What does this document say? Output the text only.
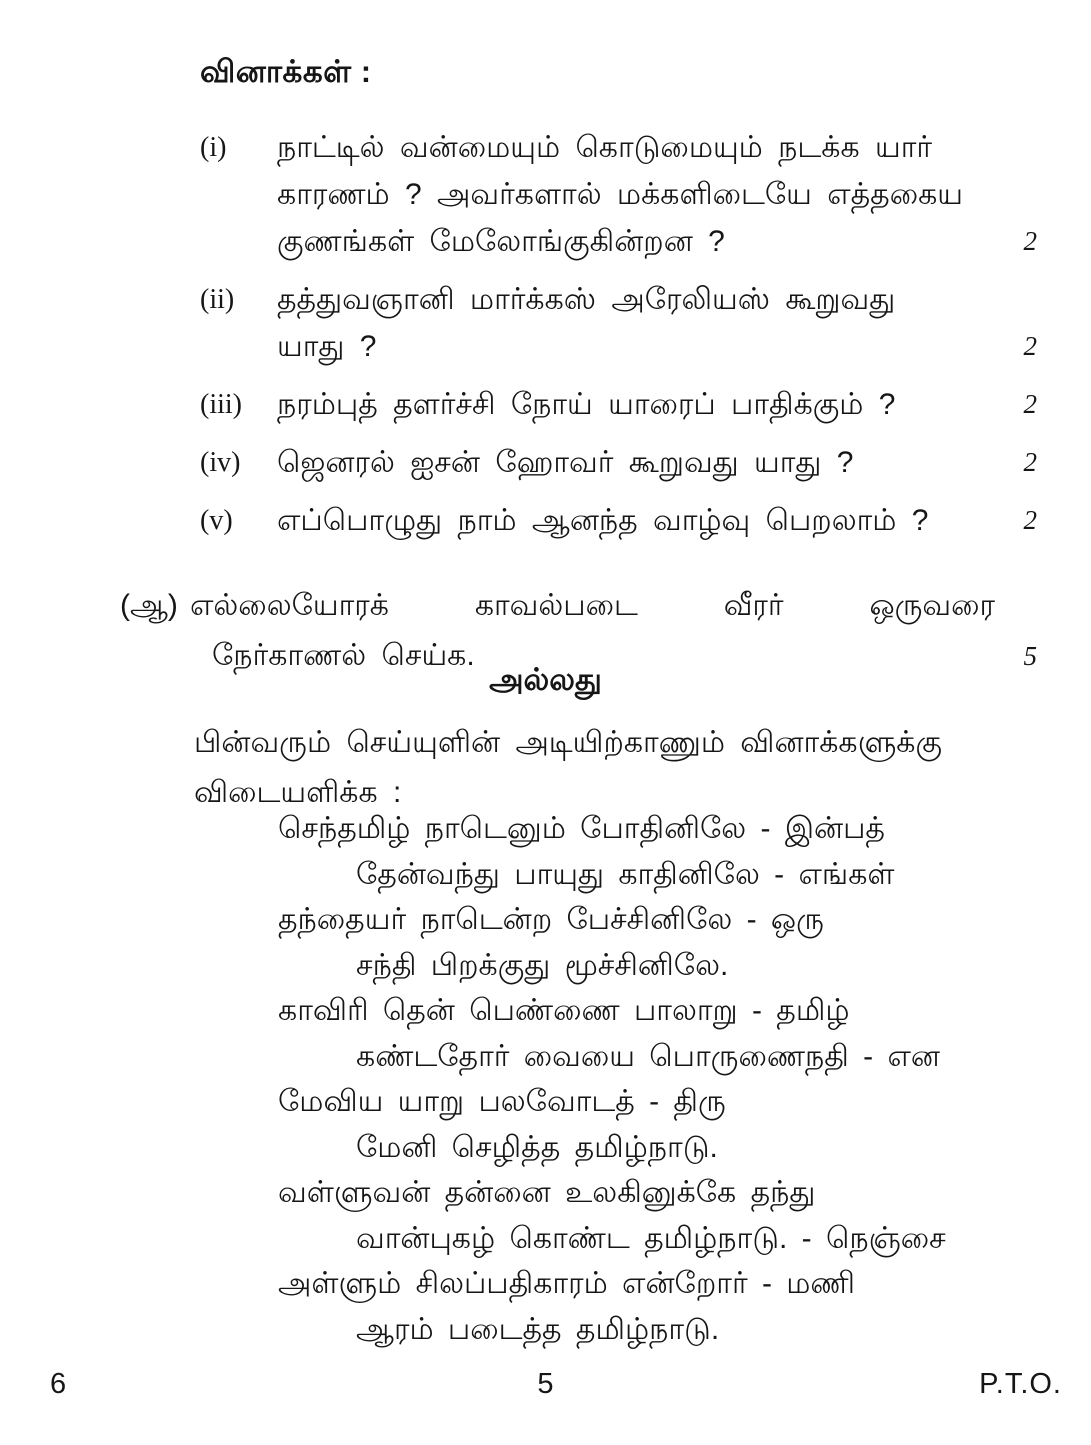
வினாக்கள் :
(i)	நாட்டில் வன்மையும் கொடுமையும் நடக்க யார்
காரணம் ? அவர்களால் மக்களிடையே எத்தகைய
குணங்கள் மேலோங்குகின்றன ?	2
(ii)	தத்துவஞானி மார்க்கஸ் அரேலியஸ் கூறுவது
யாது ?	2
(iii)	நரம்புத் தளர்ச்சி நோய் யாரைப் பாதிக்கும் ?	2
(iv)	ஜெனரல் ஐசன் ஹோவர் கூறுவது யாது ?	2
(v)	எப்பொழுது நாம் ஆனந்த வாழ்வு பெறலாம் ?	2
(ஆ) எல்லையோரக்	காவல்படை	வீரர்	ஒருவரை
நேர்காணல் செய்க.	5
அல்லது
பின்வரும் செய்யுளின் அடியிற்காணும் வினாக்களுக்கு
விடையளிக்க :
செந்தமிழ் நாடெனும் போதினிலே - இன்பத்
தேன்வந்து பாயுது காதினிலே - எங்கள்
தந்தையர் நாடென்ற பேச்சினிலே - ஒரு
சந்தி பிறக்குது மூச்சினிலே.
காவிரி தென் பெண்ணை பாலாறு - தமிழ்
கண்டதோர் வையை பொருணைநதி - என
மேவிய யாறு பலவோடத் - திரு
மேனி செழித்த தமிழ்நாடு.
வள்ளுவன் தன்னை உலகினுக்கே தந்து
வான்புகழ் கொண்ட தமிழ்நாடு. - நெஞ்சை
அள்ளும் சிலப்பதிகாரம் என்றோர் - மணி
ஆரம் படைத்த தமிழ்நாடு.
5
6	P.T.O.
